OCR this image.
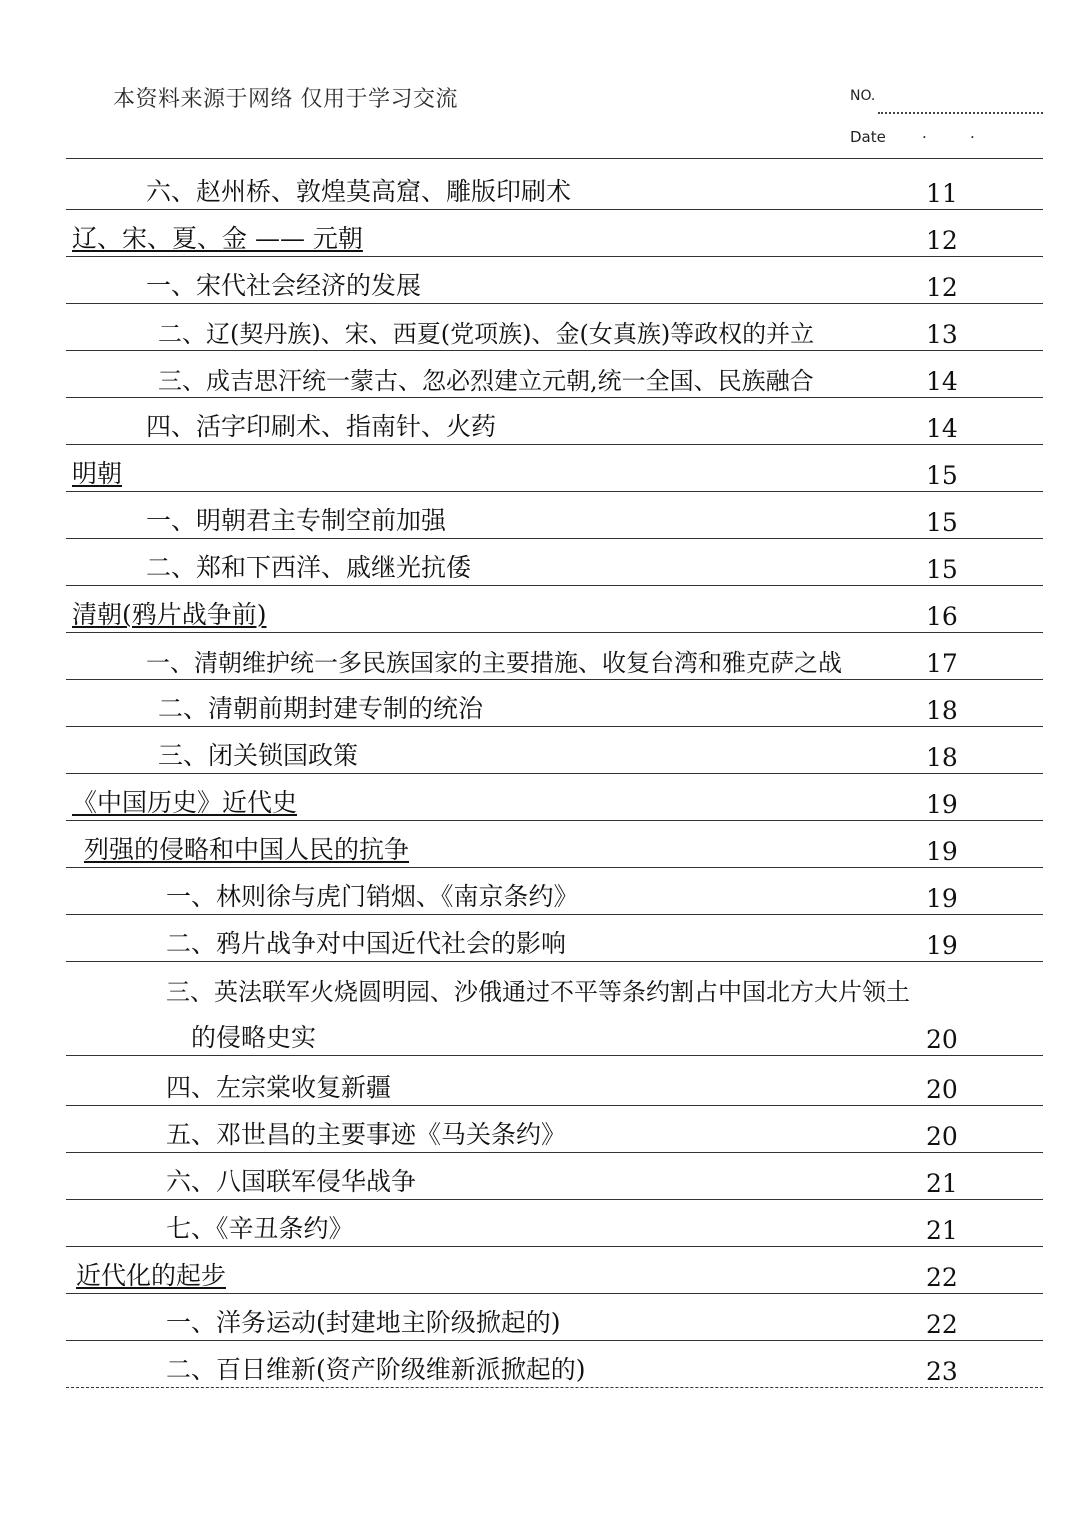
本资料来源于网络 仅用于学习交流	NO.
Date ·	·
六、赵州桥、敦煌莫高窟、雕版印刷术	11
辽、宋、夏、金 —— 元朝	12
一、宋代社会经济的发展	12
二、辽(契丹族)、宋、西夏(党项族)、金(女真族)等政权的并立	13
三、成吉思汗统一蒙古、忽必烈建立元朝,统一全国、民族融合	14
四、活字印刷术、指南针、火药	14
明朝	15
一、明朝君主专制空前加强	15
二、郑和下西洋、戚继光抗倭	15
清朝(鸦片战争前)	16
一、清朝维护统一多民族国家的主要措施、收复台湾和雅克萨之战	17
二、清朝前期封建专制的统治	18
三、闭关锁国政策	18
《中国历史》近代史	19
列强的侵略和中国人民的抗争	19
一、林则徐与虎门销烟、《南京条约》	19
二、鸦片战争对中国近代社会的影响	19
三、英法联军火烧圆明园、沙俄通过不平等条约割占中国北方大片领土
的侵略史实	20
四、左宗棠收复新疆	20
五、邓世昌的主要事迹《马关条约》	20
六、八国联军侵华战争	21
七、《辛丑条约》	21
近代化的起步	22
一、洋务运动(封建地主阶级掀起的)	22
二、百日维新(资产阶级维新派掀起的)	23
